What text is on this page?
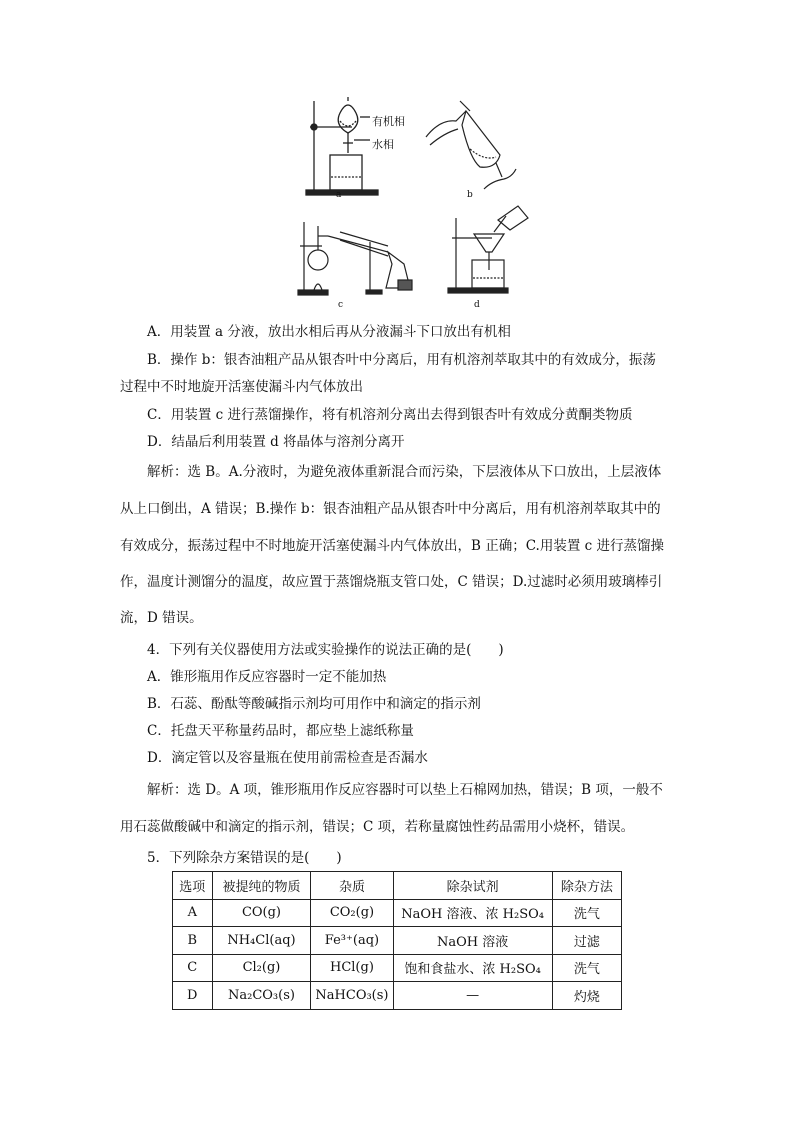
有机相
水相
a	b
c	d
A．用装置 a 分液，放出水相后再从分液漏斗下口放出有机相
B．操作 b：银杏油粗产品从银杏叶中分离后，用有机溶剂萃取其中的有效成分，振荡
过程中不时地旋开活塞使漏斗内气体放出
C．用装置 c 进行蒸馏操作，将有机溶剂分离出去得到银杏叶有效成分黄酮类物质
D．结晶后利用装置 d 将晶体与溶剂分离开
解析：选 B。A.分液时，为避免液体重新混合而污染，下层液体从下口放出，上层液体
从上口倒出，A 错误；B.操作 b：银杏油粗产品从银杏叶中分离后，用有机溶剂萃取其中的
有效成分，振荡过程中不时地旋开活塞使漏斗内气体放出，B 正确；C.用装置 c 进行蒸馏操
作，温度计测馏分的温度，故应置于蒸馏烧瓶支管口处，C 错误；D.过滤时必须用玻璃棒引
流，D 错误。
4．下列有关仪器使用方法或实验操作的说法正确的是(　　)
A．锥形瓶用作反应容器时一定不能加热
B．石蕊、酚酞等酸碱指示剂均可用作中和滴定的指示剂
C．托盘天平称量药品时，都应垫上滤纸称量
D．滴定管以及容量瓶在使用前需检查是否漏水
解析：选 D。A 项，锥形瓶用作反应容器时可以垫上石棉网加热，错误；B 项，一般不
用石蕊做酸碱中和滴定的指示剂，错误；C 项，若称量腐蚀性药品需用小烧杯，错误。
5．下列除杂方案错误的是(　　)
选项	被提纯的物质	杂质	除杂试剂	除杂方法
A	CO(g)	CO₂(g)	NaOH 溶液、浓 H₂SO₄	洗气
B	NH₄Cl(aq)	Fe³⁺(aq)	NaOH 溶液	过滤
C	Cl₂(g)	HCl(g)	饱和食盐水、浓 H₂SO₄	洗气
D	Na₂CO₃(s)	NaHCO₃(s)	—	灼烧
